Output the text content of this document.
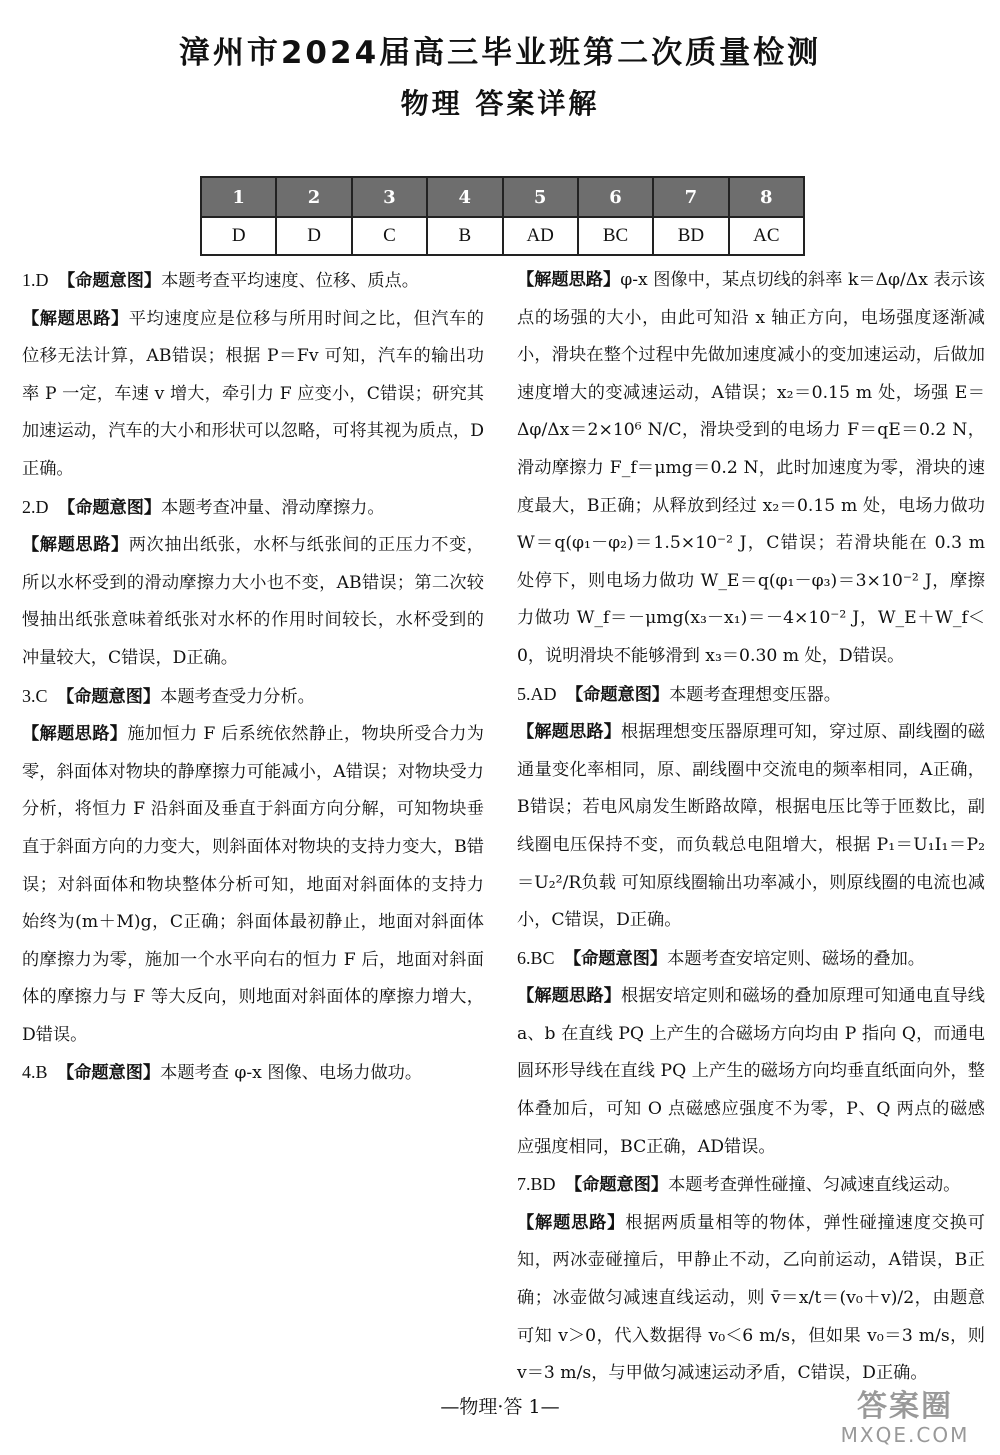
漳州市2024届高三毕业班第二次质量检测
物理 答案详解
1	2	3	4	5	6	7	8
D	D	C	B	AD	BC	BD	AC

1.D 【命题意图】本题考查平均速度、位移、质点。

【解题思路】平均速度应是位移与所用时间之比，但汽车的位移无法计算，AB错误；根据 P＝Fv 可知，汽车的输出功率 P 一定，车速 v 增大，牵引力 F 应变小，C错误；研究其加速运动，汽车的大小和形状可以忽略，可将其视为质点，D正确。

2.D 【命题意图】本题考查冲量、滑动摩擦力。

【解题思路】两次抽出纸张，水杯与纸张间的正压力不变，所以水杯受到的滑动摩擦力大小也不变，AB错误；第二次较慢抽出纸张意味着纸张对水杯的作用时间较长，水杯受到的冲量较大，C错误，D正确。

3.C 【命题意图】本题考查受力分析。

【解题思路】施加恒力 F 后系统依然静止，物块所受合力为零，斜面体对物块的静摩擦力可能减小，A错误；对物块受力分析，将恒力 F 沿斜面及垂直于斜面方向分解，可知物块垂直于斜面方向的力变大，则斜面体对物块的支持力变大，B错误；对斜面体和物块整体分析可知，地面对斜面体的支持力始终为(m＋M)g，C正确；斜面体最初静止，地面对斜面体的摩擦力为零，施加一个水平向右的恒力 F 后，地面对斜面体的摩擦力与 F 等大反向，则地面对斜面体的摩擦力增大，D错误。

4.B 【命题意图】本题考查 φ-x 图像、电场力做功。

【解题思路】φ-x 图像中，某点切线的斜率 k＝Δφ/Δx 表示该点的场强的大小，由此可知沿 x 轴正方向，电场强度逐渐减小，滑块在整个过程中先做加速度减小的变加速运动，后做加速度增大的变减速运动，A错误；x₂＝0.15 m 处，场强 E＝Δφ/Δx＝2×10⁶ N/C，滑块受到的电场力 F＝qE＝0.2 N，滑动摩擦力 F_f＝μmg＝0.2 N，此时加速度为零，滑块的速度最大，B正确；从释放到经过 x₂＝0.15 m 处，电场力做功 W＝q(φ₁－φ₂)＝1.5×10⁻² J，C错误；若滑块能在 0.3 m 处停下，则电场力做功 W_E＝q(φ₁－φ₃)＝3×10⁻² J，摩擦力做功 W_f＝－μmg(x₃－x₁)＝－4×10⁻² J，W_E＋W_f＜0，说明滑块不能够滑到 x₃＝0.30 m 处，D错误。

5.AD 【命题意图】本题考查理想变压器。

【解题思路】根据理想变压器原理可知，穿过原、副线圈的磁通量变化率相同，原、副线圈中交流电的频率相同，A正确，B错误；若电风扇发生断路故障，根据电压比等于匝数比，副线圈电压保持不变，而负载总电阻增大，根据 P₁＝U₁I₁＝P₂＝U₂²/R负载 可知原线圈输出功率减小，则原线圈的电流也减小，C错误，D正确。

6.BC 【命题意图】本题考查安培定则、磁场的叠加。

【解题思路】根据安培定则和磁场的叠加原理可知通电直导线 a、b 在直线 PQ 上产生的合磁场方向均由 P 指向 Q，而通电圆环形导线在直线 PQ 上产生的磁场方向均垂直纸面向外，整体叠加后，可知 O 点磁感应强度不为零，P、Q 两点的磁感应强度相同，BC正确，AD错误。

7.BD 【命题意图】本题考查弹性碰撞、匀减速直线运动。

【解题思路】根据两质量相等的物体，弹性碰撞速度交换可知，两冰壶碰撞后，甲静止不动，乙向前运动，A错误，B正确；冰壶做匀减速直线运动，则 v̄＝x/t＝(v₀＋v)/2，由题意可知 v＞0，代入数据得 v₀＜6 m/s，但如果 v₀＝3 m/s，则 v＝3 m/s，与甲做匀减速运动矛盾，C错误，D正确。

—物理·答 1—	答案圈
MXQE.COM
